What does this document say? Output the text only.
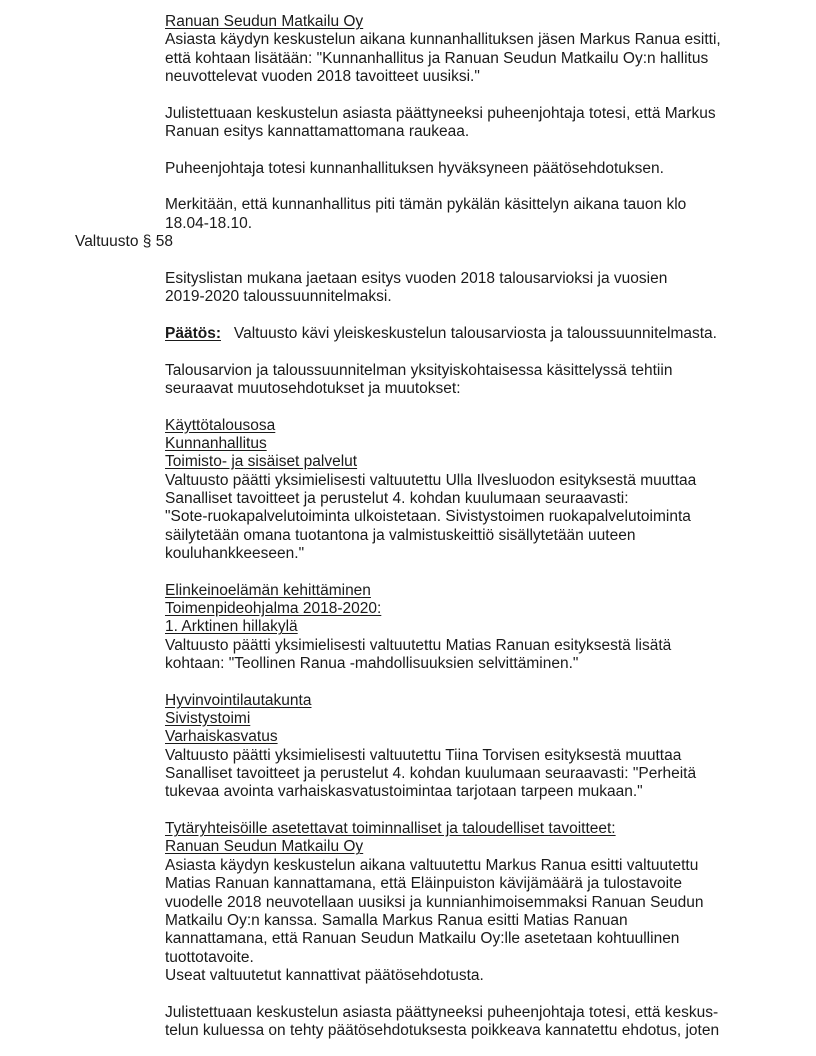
Ranuan Seudun Matkailu Oy
Asiasta käydyn keskustelun aikana kunnanhallituksen jäsen Markus Ranua esitti,
että kohtaan lisätään: "Kunnanhallitus ja Ranuan Seudun Matkailu Oy:n hallitus
neuvottelevat vuoden 2018 tavoitteet uusiksi."

Julistettuaan keskustelun asiasta päättyneeksi puheenjohtaja totesi, että Markus
Ranuan esitys kannattamattomana raukeaa.

Puheenjohtaja totesi kunnanhallituksen hyväksyneen päätösehdotuksen.

Merkitään, että kunnanhallitus piti tämän pykälän käsittelyn aikana tauon klo
18.04-18.10.
Valtuusto § 58

Esityslistan mukana jaetaan esitys vuoden 2018 talousarvioksi ja vuosien
2019-2020 taloussuunnitelmaksi.

Päätös:   Valtuusto kävi yleiskeskustelun talousarviosta ja taloussuunnitelmasta.

Talousarvion ja taloussuunnitelman yksityiskohtaisessa käsittelyssä tehtiin
seuraavat muutosehdotukset ja muutokset:

Käyttötalousosa
Kunnanhallitus
Toimisto- ja sisäiset palvelut
Valtuusto päätti yksimielisesti valtuutettu Ulla Ilvesluodon esityksestä muuttaa
Sanalliset tavoitteet ja perustelut 4. kohdan kuulumaan seuraavasti:
"Sote-ruokapalvelutoiminta ulkoistetaan. Sivistystoimen ruokapalvelutoiminta
säilytetään omana tuotantona ja valmistuskeittiö sisällytetään uuteen
kouluhankkeeseen."

Elinkeinoelämän kehittäminen
Toimenpideohjalma 2018-2020:
1. Arktinen hillakylä
Valtuusto päätti yksimielisesti valtuutettu Matias Ranuan esityksestä lisätä
kohtaan: "Teollinen Ranua -mahdollisuuksien selvittäminen."

Hyvinvointilautakunta
Sivistystoimi
Varhaiskasvatus
Valtuusto päätti yksimielisesti valtuutettu Tiina Torvisen esityksestä muuttaa
Sanalliset tavoitteet ja perustelut 4. kohdan kuulumaan seuraavasti: "Perheitä
tukevaa avointa varhaiskasvatustoimintaa tarjotaan tarpeen mukaan."

Tytäryhteisöille asetettavat toiminnalliset ja taloudelliset tavoitteet:
Ranuan Seudun Matkailu Oy
Asiasta käydyn keskustelun aikana valtuutettu Markus Ranua esitti valtuutettu
Matias Ranuan kannattamana, että Eläinpuiston kävijämäärä ja tulostavoite
vuodelle 2018 neuvotellaan uusiksi ja kunnianhimoisemmaksi Ranuan Seudun
Matkailu Oy:n kanssa. Samalla Markus Ranua esitti Matias Ranuan
kannattamana, että Ranuan Seudun Matkailu Oy:lle asetetaan kohtuullinen
tuottotavoite.
Useat valtuutetut kannattivat päätösehdotusta.

Julistettuaan keskustelun asiasta päättyneeksi puheenjohtaja totesi, että keskus-
telun kuluessa on tehty päätösehdotuksesta poikkeava kannatettu ehdotus, joten
